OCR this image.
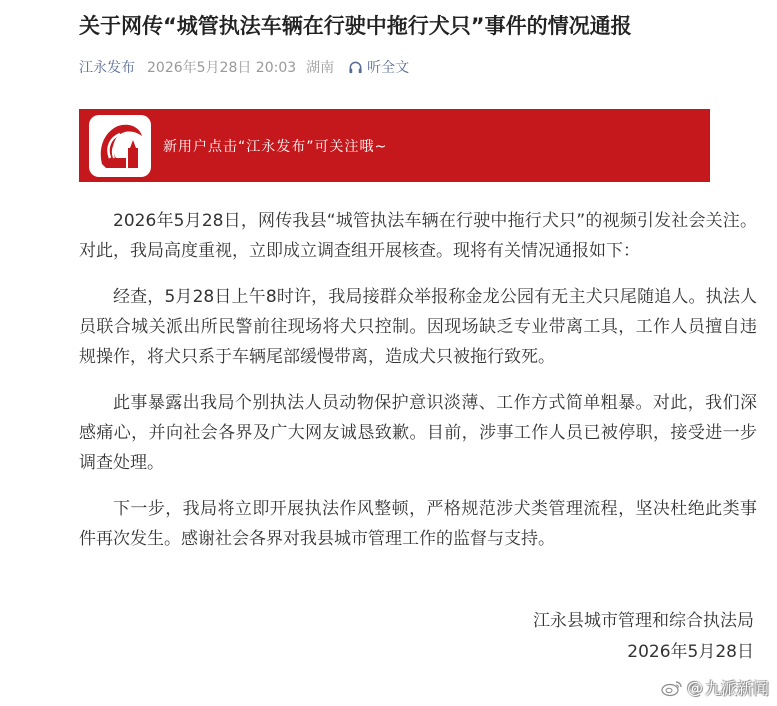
关于网传“城管执法车辆在行驶中拖行犬只”事件的情况通报
江永发布 2026年5月28日 20:03 湖南 听全文
新用户点击“江永发布”可关注哦~

2026年5月28日，网传我县“城管执法车辆在行驶中拖行犬只”的视频引发社会关注。对此，我局高度重视，立即成立调查组开展核查。现将有关情况通报如下：

经查，5月28日上午8时许，我局接群众举报称金龙公园有无主犬只尾随追人。执法人员联合城关派出所民警前往现场将犬只控制。因现场缺乏专业带离工具，工作人员擅自违规操作，将犬只系于车辆尾部缓慢带离，造成犬只被拖行致死。

此事暴露出我局个别执法人员动物保护意识淡薄、工作方式简单粗暴。对此，我们深感痛心，并向社会各界及广大网友诚恳致歉。目前，涉事工作人员已被停职，接受进一步调查处理。

下一步，我局将立即开展执法作风整顿，严格规范涉犬类管理流程，坚决杜绝此类事件再次发生。感谢社会各界对我县城市管理工作的监督与支持。

江永县城市管理和综合执法局
2026年5月28日
@ 九派新闻
